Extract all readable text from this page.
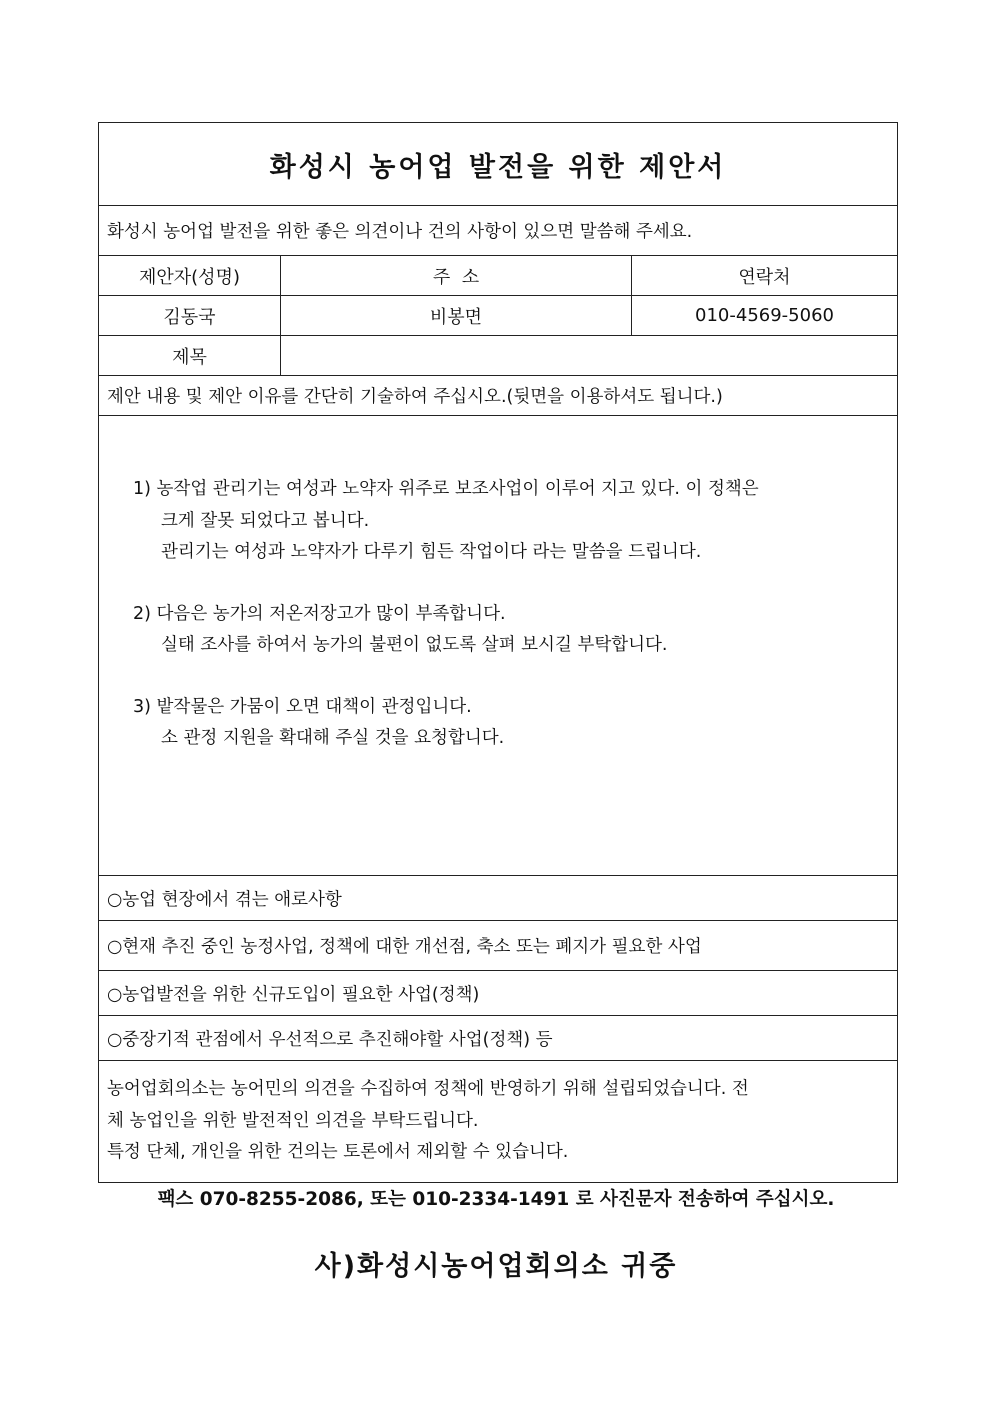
화성시 농어업 발전을 위한 제안서
화성시 농어업 발전을 위한 좋은 의견이나 건의 사항이 있으면 말씀해 주세요.
제안자(성명)	주  소	연락처
김동국	비봉면	010-4569-5060
제목
제안 내용 및 제안 이유를 간단히 기술하여 주십시오.(뒷면을 이용하셔도 됩니다.)
1) 농작업 관리기는 여성과 노약자 위주로 보조사업이 이루어 지고 있다. 이 정책은
크게 잘못 되었다고 봅니다.
관리기는 여성과 노약자가 다루기 힘든 작업이다 라는 말씀을 드립니다.
2) 다음은 농가의 저온저장고가 많이 부족합니다.
실태 조사를 하여서 농가의 불편이 없도록 살펴 보시길 부탁합니다.
3) 밭작물은 가뭄이 오면 대책이 관정입니다.
소 관정 지원을 확대해 주실 것을 요청합니다.
○농업 현장에서 겪는 애로사항
○현재 추진 중인 농정사업, 정책에 대한 개선점, 축소 또는 폐지가 필요한 사업
○농업발전을 위한 신규도입이 필요한 사업(정책)
○중장기적 관점에서 우선적으로 추진해야할 사업(정책) 등
농어업회의소는 농어민의 의견을 수집하여 정책에 반영하기 위해 설립되었습니다. 전
체 농업인을 위한 발전적인 의견을 부탁드립니다.
특정 단체, 개인을 위한 건의는 토론에서 제외할 수 있습니다.
팩스 070-8255-2086, 또는 010-2334-1491 로 사진문자 전송하여 주십시오.
사)화성시농어업회의소 귀중
